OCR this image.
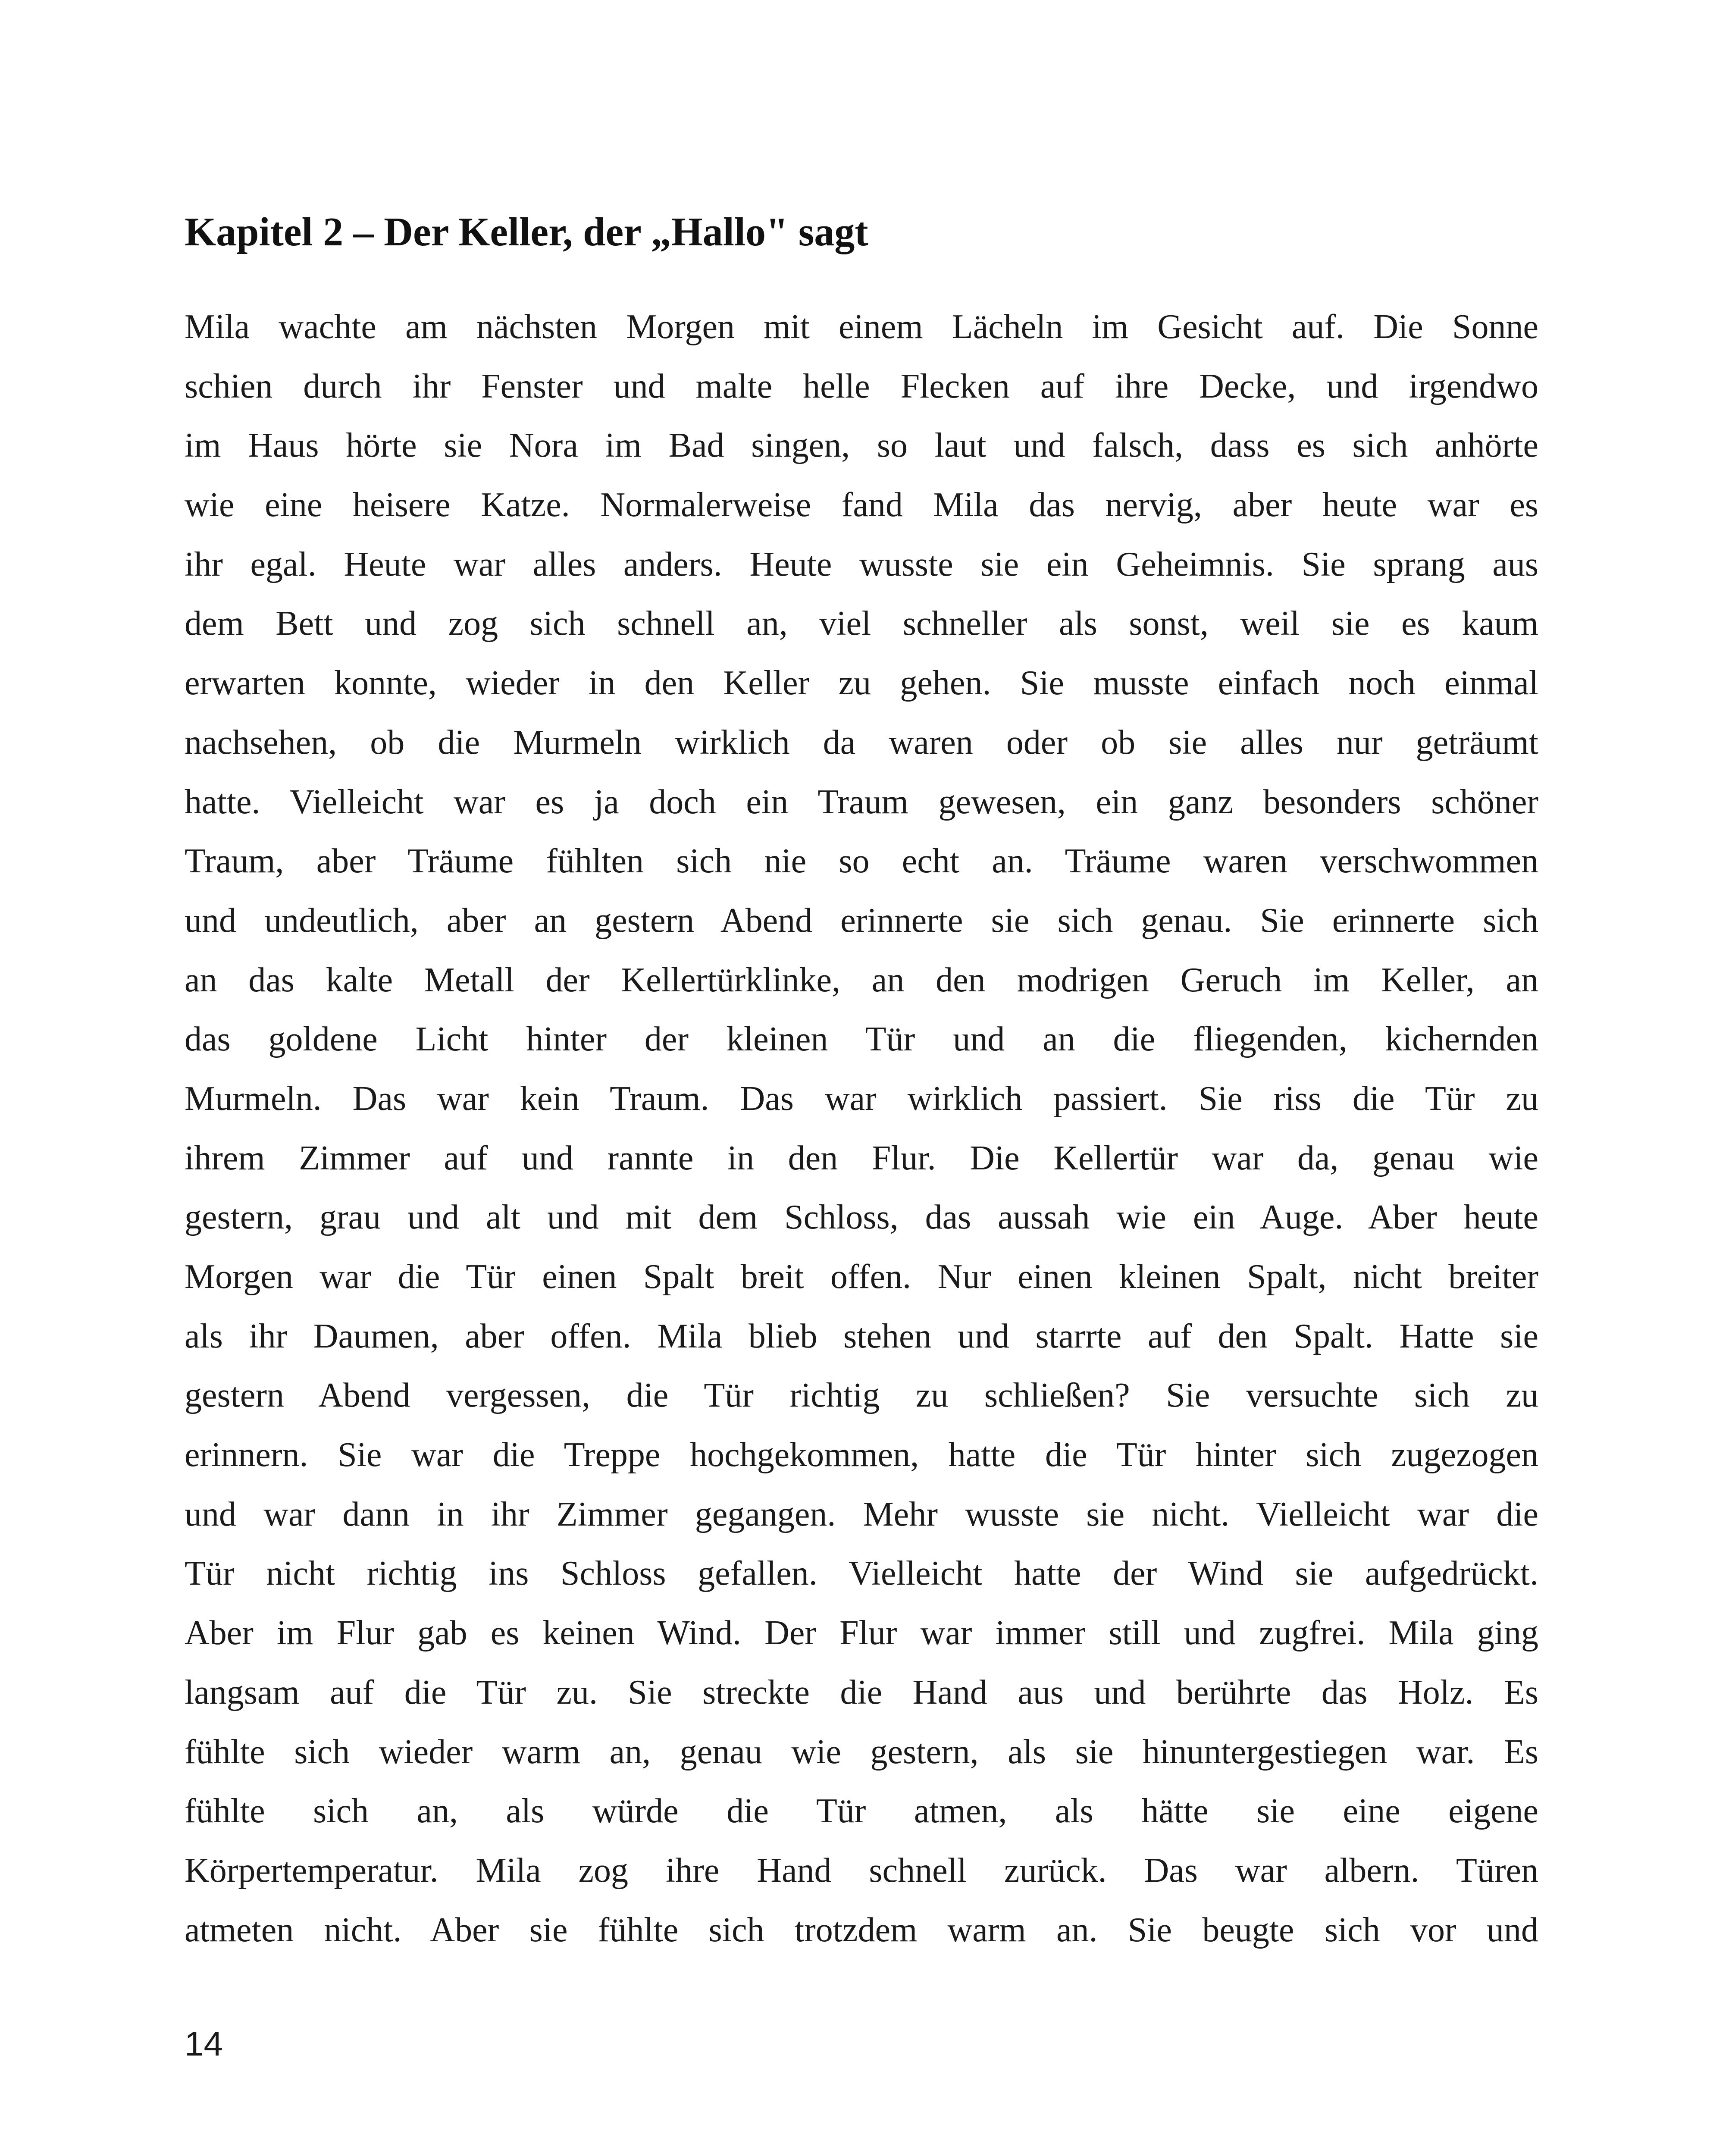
Kapitel 2 – Der Keller, der „Hallo" sagt
Mila wachte am nächsten Morgen mit einem Lächeln im Gesicht auf. Die Sonne
schien durch ihr Fenster und malte helle Flecken auf ihre Decke, und irgendwo
im Haus hörte sie Nora im Bad singen, so laut und falsch, dass es sich anhörte
wie eine heisere Katze. Normalerweise fand Mila das nervig, aber heute war es
ihr egal. Heute war alles anders. Heute wusste sie ein Geheimnis. Sie sprang aus
dem Bett und zog sich schnell an, viel schneller als sonst, weil sie es kaum
erwarten konnte, wieder in den Keller zu gehen. Sie musste einfach noch einmal
nachsehen, ob die Murmeln wirklich da waren oder ob sie alles nur geträumt
hatte. Vielleicht war es ja doch ein Traum gewesen, ein ganz besonders schöner
Traum, aber Träume fühlten sich nie so echt an. Träume waren verschwommen
und undeutlich, aber an gestern Abend erinnerte sie sich genau. Sie erinnerte sich
an das kalte Metall der Kellertürklinke, an den modrigen Geruch im Keller, an
das goldene Licht hinter der kleinen Tür und an die fliegenden, kichernden
Murmeln. Das war kein Traum. Das war wirklich passiert. Sie riss die Tür zu
ihrem Zimmer auf und rannte in den Flur. Die Kellertür war da, genau wie
gestern, grau und alt und mit dem Schloss, das aussah wie ein Auge. Aber heute
Morgen war die Tür einen Spalt breit offen. Nur einen kleinen Spalt, nicht breiter
als ihr Daumen, aber offen. Mila blieb stehen und starrte auf den Spalt. Hatte sie
gestern Abend vergessen, die Tür richtig zu schließen? Sie versuchte sich zu
erinnern. Sie war die Treppe hochgekommen, hatte die Tür hinter sich zugezogen
und war dann in ihr Zimmer gegangen. Mehr wusste sie nicht. Vielleicht war die
Tür nicht richtig ins Schloss gefallen. Vielleicht hatte der Wind sie aufgedrückt.
Aber im Flur gab es keinen Wind. Der Flur war immer still und zugfrei. Mila ging
langsam auf die Tür zu. Sie streckte die Hand aus und berührte das Holz. Es
fühlte sich wieder warm an, genau wie gestern, als sie hinuntergestiegen war. Es
fühlte sich an, als würde die Tür atmen, als hätte sie eine eigene
Körpertemperatur. Mila zog ihre Hand schnell zurück. Das war albern. Türen
atmeten nicht. Aber sie fühlte sich trotzdem warm an. Sie beugte sich vor und

14
